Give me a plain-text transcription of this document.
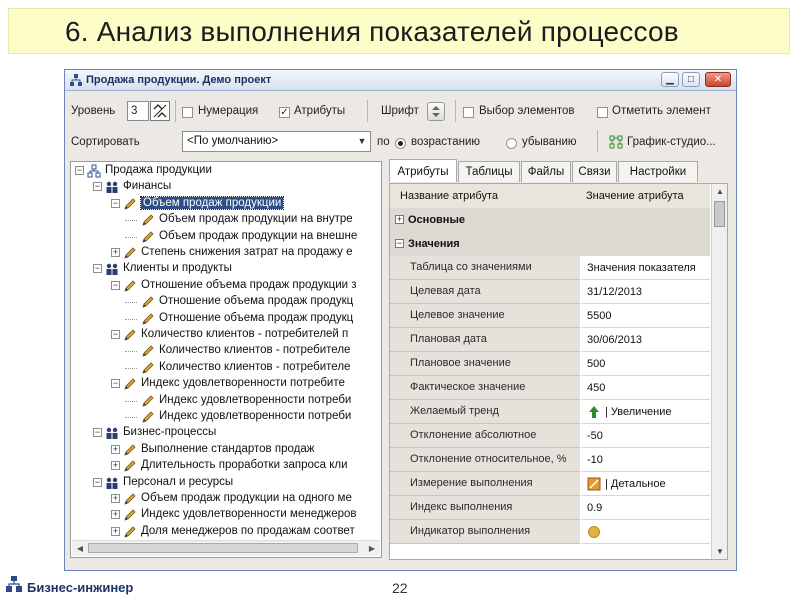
6. Анализ выполнения показателей процессов
Продажа продукции. Демо проект	▁	□	✕
Уровень 3	Нумерация ✓ Атрибуты	Шрифт	Выбор элементов	Отметить элемент
Сортировать	<По умолчанию>	▼ по возрастанию	убыванию	График-студио...
+ Доля менеджеров по продажам соответ
+ Индекс удовлетворенности менеджеров
+ Объем продаж продукции на одного ме
− Персонал и ресурсы
+ Длительность проработки запроса кли
+ Выполнение стандартов продаж
− Бизнес-процессы
Индекс удовлетворенности потреби
Индекс удовлетворенности потреби
− Индекс удовлетворенности потребите
Количество клиентов - потребителе
Количество клиентов - потребителе
− Количество клиентов - потребителей п
Отношение объема продаж продукц
Отношение объема продаж продукц
− Отношение объема продаж продукции з
− Клиенты и продукты
+ Степень снижения затрат на продажу е
Объем продаж продукции на внешне
Объем продаж продукции на внутре
− Объем продаж продукции
− Финансы
− Продажа продукции
◀	▶
Атрибуты	Таблицы	Файлы	Связи	Настройки
Название атрибута	Значение атрибута
+ Основные
− Значения
▲
▼
Таблица со значениями	Значения показателя
Целевая дата	31/12/2013
Целевое значение	5500
Плановая дата	30/06/2013
Плановое значение	500
Фактическое значение	450
Желаемый тренд	| Увеличение
Отклонение абсолютное	-50
Отклонение относительное, % -10
Измерение выполнения	| Детальное
Индекс выполнения	0.9
Индикатор выполнения
Бизнес-инжинер	22
